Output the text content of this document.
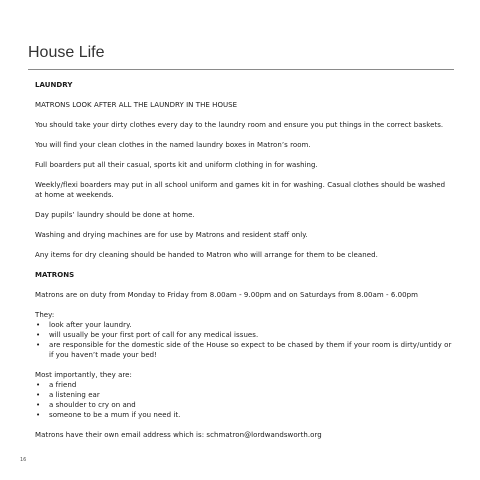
House Life

LAUNDRY

MATRONS LOOK AFTER ALL THE LAUNDRY IN THE HOUSE

You should take your dirty clothes every day to the laundry room and ensure you put things in the correct baskets.

You will find your clean clothes in the named laundry boxes in Matron’s room.

Full boarders put all their casual, sports kit and uniform clothing in for washing.

Weekly/flexi boarders may put in all school uniform and games kit in for washing. Casual clothes should be washed at home at weekends.

Day pupils’ laundry should be done at home.

Washing and drying machines are for use by Matrons and resident staff only.

Any items for dry cleaning should be handed to Matron who will arrange for them to be cleaned.

MATRONS

Matrons are on duty from Monday to Friday from 8.00am - 9.00pm and on Saturdays from 8.00am - 6.00pm

They:

• look after your laundry.
• will usually be your first port of call for any medical issues.
• are responsible for the domestic side of the House so expect to be chased by them if your room is dirty/untidy or if you haven’t made your bed!

Most importantly, they are:

• a friend
• a listening ear
• a shoulder to cry on and
• someone to be a mum if you need it.

Matrons have their own email address which is: schmatron@lordwandsworth.org

16
